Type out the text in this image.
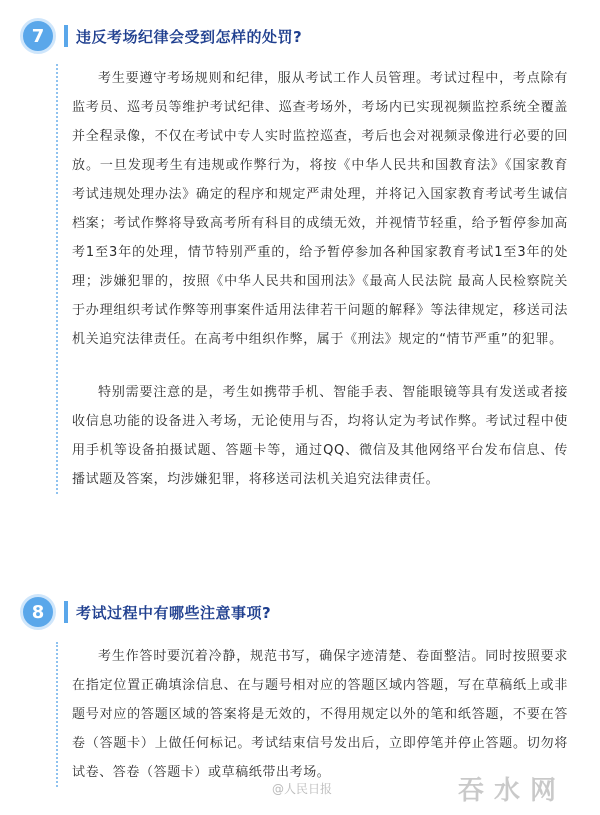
7	违反考场纪律会受到怎样的处罚?

考生要遵守考场规则和纪律，服从考试工作人员管理。考试过程中，考点除有监考员、巡考员等维护考试纪律、巡查考场外，考场内已实现视频监控系统全覆盖并全程录像，不仅在考试中专人实时监控巡查，考后也会对视频录像进行必要的回放。一旦发现考生有违规或作弊行为，将按《中华人民共和国教育法》《国家教育考试违规处理办法》确定的程序和规定严肃处理，并将记入国家教育考试考生诚信档案；考试作弊将导致高考所有科目的成绩无效，并视情节轻重，给予暂停参加高考1至3年的处理，情节特别严重的，给予暂停参加各种国家教育考试1至3年的处理；涉嫌犯罪的，按照《中华人民共和国刑法》《最高人民法院 最高人民检察院关于办理组织考试作弊等刑事案件适用法律若干问题的解释》等法律规定，移送司法机关追究法律责任。在高考中组织作弊，属于《刑法》规定的“情节严重”的犯罪。

特别需要注意的是，考生如携带手机、智能手表、智能眼镜等具有发送或者接收信息功能的设备进入考场，无论使用与否，均将认定为考试作弊。考试过程中使用手机等设备拍摄试题、答题卡等，通过QQ、微信及其他网络平台发布信息、传播试题及答案，均涉嫌犯罪，将移送司法机关追究法律责任。

8	考试过程中有哪些注意事项?

考生作答时要沉着冷静，规范书写，确保字迹清楚、卷面整洁。同时按照要求在指定位置正确填涂信息、在与题号相对应的答题区域内答题，写在草稿纸上或非题号对应的答题区域的答案将是无效的，不得用规定以外的笔和纸答题，不要在答卷（答题卡）上做任何标记。考试结束信号发出后，立即停笔并停止答题。切勿将试卷、答卷（答题卡）或草稿纸带出考场。

@人民日报	吞水网
